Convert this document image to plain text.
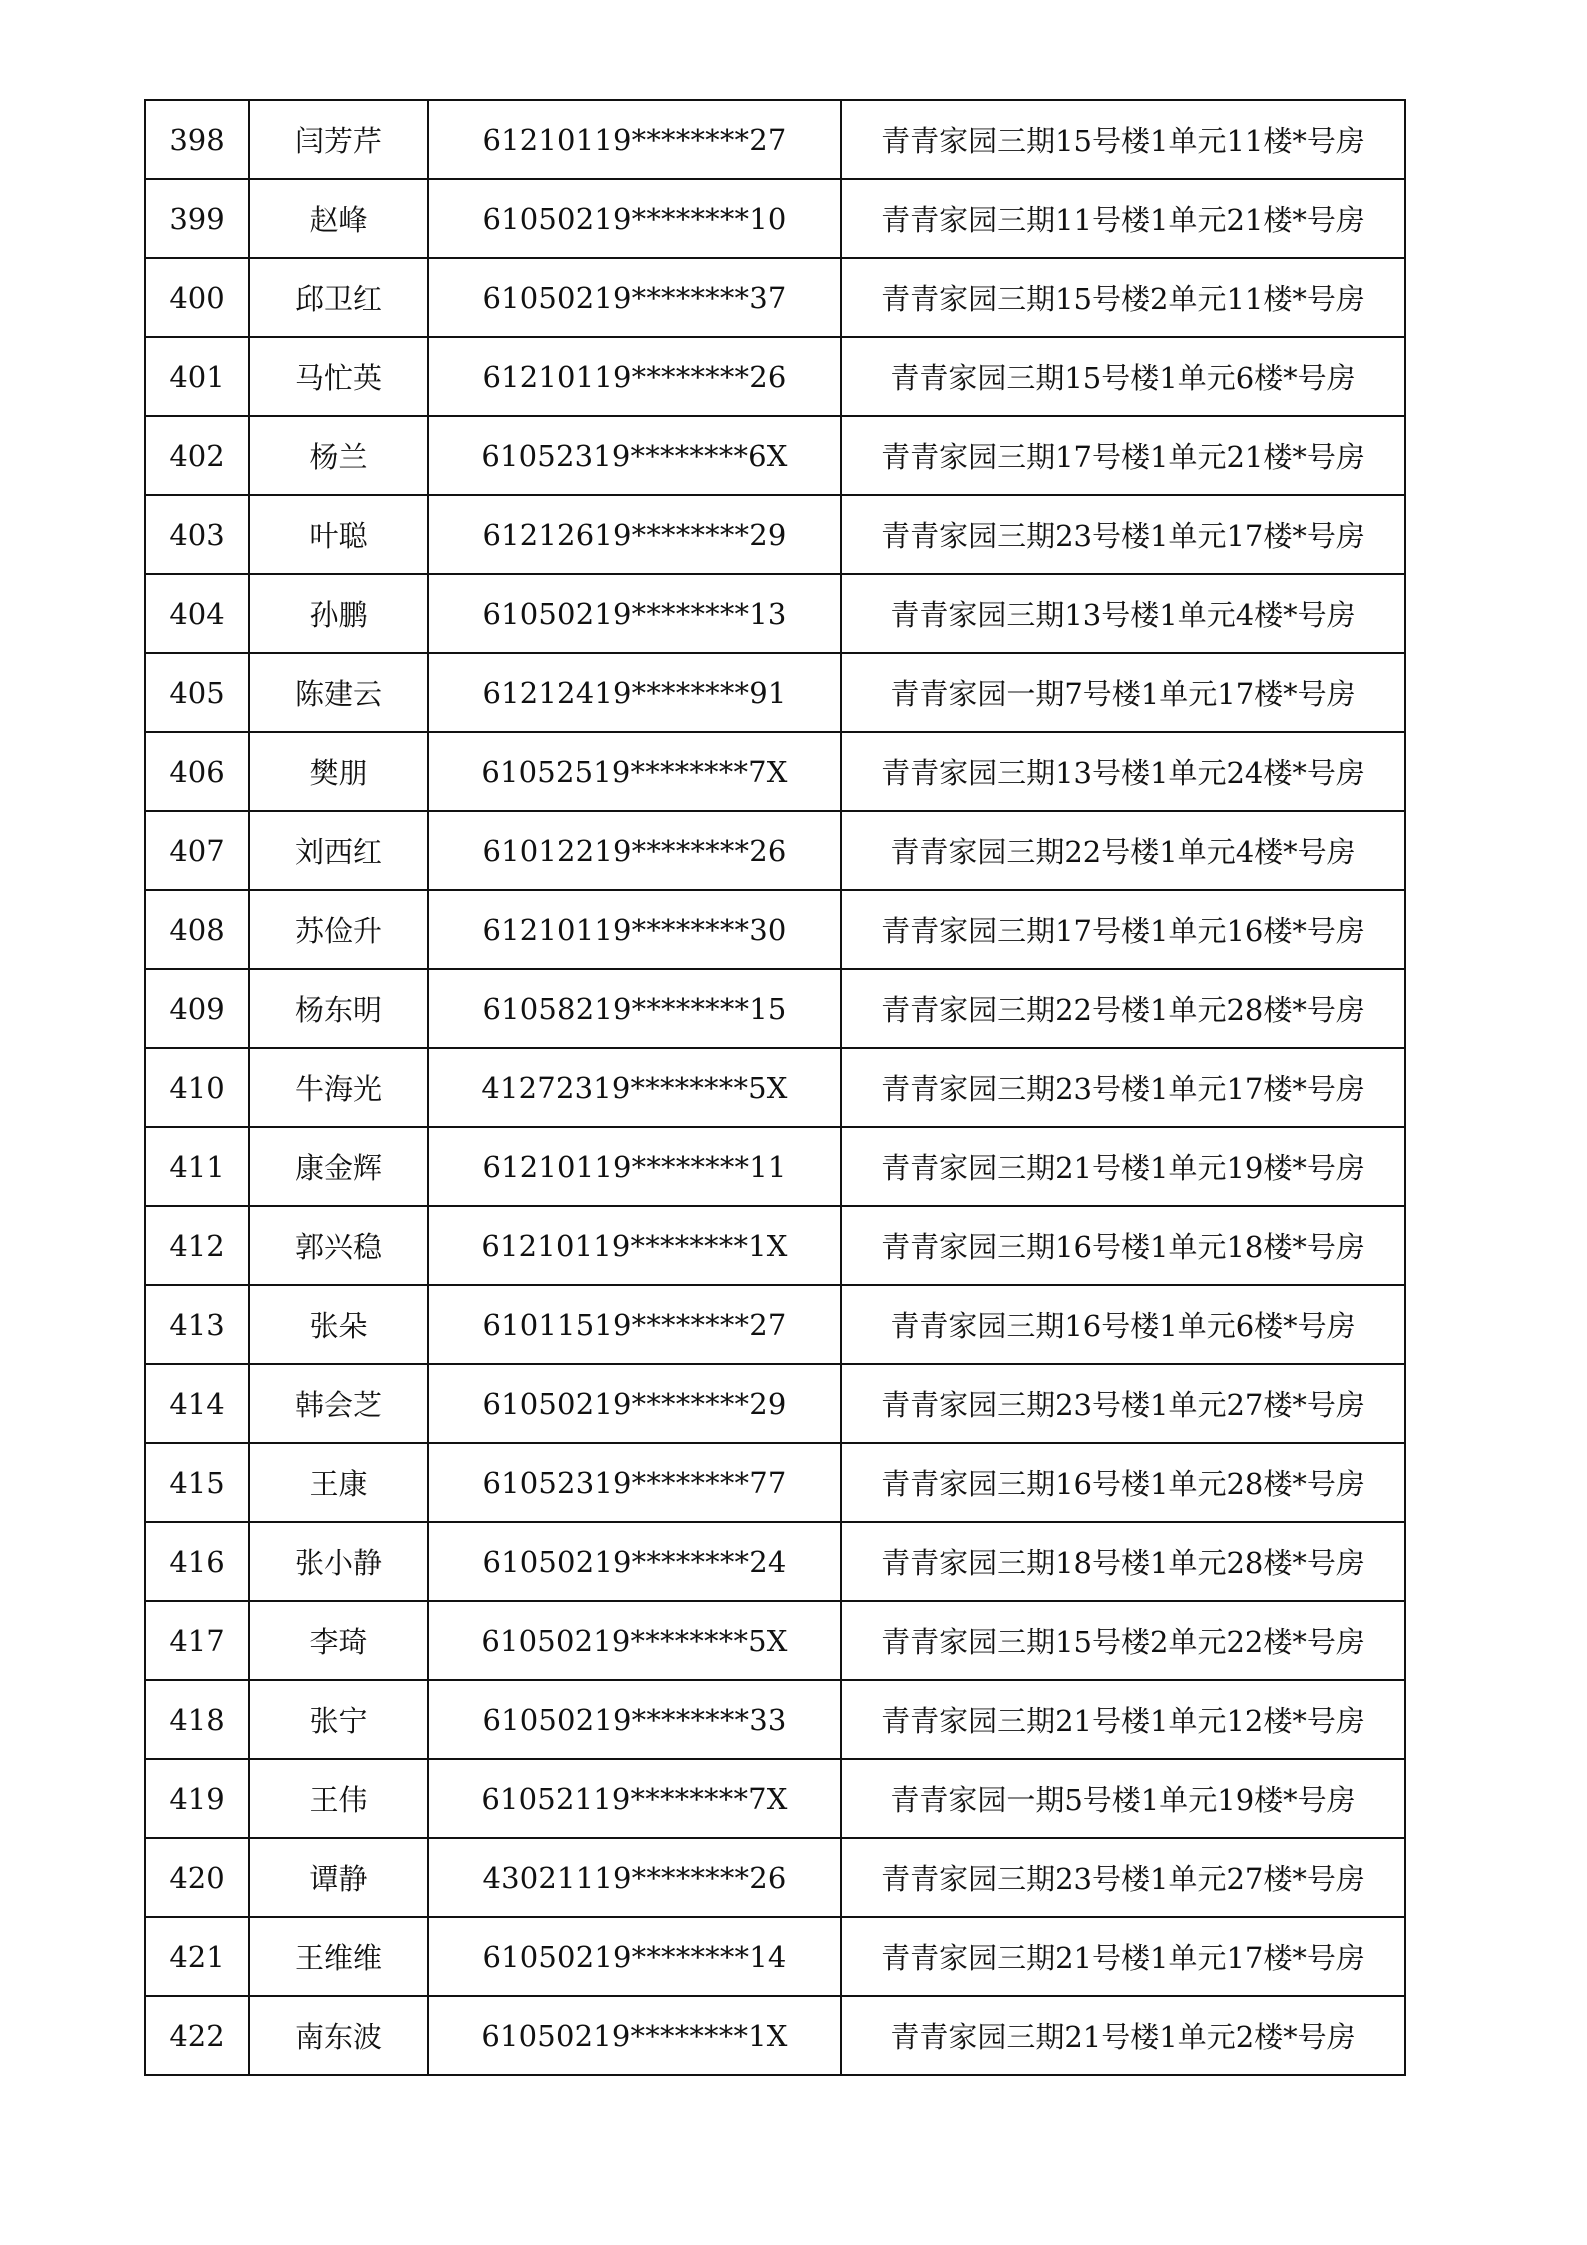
398	闫芳芹	61210119********27	青青家园三期15号楼1单元11楼*号房
399	赵峰	61050219********10	青青家园三期11号楼1单元21楼*号房
400	邱卫红	61050219********37	青青家园三期15号楼2单元11楼*号房
401	马忙英	61210119********26	青青家园三期15号楼1单元6楼*号房
402	杨兰	61052319********6X	青青家园三期17号楼1单元21楼*号房
403	叶聪	61212619********29	青青家园三期23号楼1单元17楼*号房
404	孙鹏	61050219********13	青青家园三期13号楼1单元4楼*号房
405	陈建云	61212419********91	青青家园一期7号楼1单元17楼*号房
406	樊朋	61052519********7X	青青家园三期13号楼1单元24楼*号房
407	刘西红	61012219********26	青青家园三期22号楼1单元4楼*号房
408	苏俭升	61210119********30	青青家园三期17号楼1单元16楼*号房
409	杨东明	61058219********15	青青家园三期22号楼1单元28楼*号房
410	牛海光	41272319********5X	青青家园三期23号楼1单元17楼*号房
411	康金辉	61210119********11	青青家园三期21号楼1单元19楼*号房
412	郭兴稳	61210119********1X	青青家园三期16号楼1单元18楼*号房
413	张朵	61011519********27	青青家园三期16号楼1单元6楼*号房
414	韩会芝	61050219********29	青青家园三期23号楼1单元27楼*号房
415	王康	61052319********77	青青家园三期16号楼1单元28楼*号房
416	张小静	61050219********24	青青家园三期18号楼1单元28楼*号房
417	李琦	61050219********5X	青青家园三期15号楼2单元22楼*号房
418	张宁	61050219********33	青青家园三期21号楼1单元12楼*号房
419	王伟	61052119********7X	青青家园一期5号楼1单元19楼*号房
420	谭静	43021119********26	青青家园三期23号楼1单元27楼*号房
421	王维维	61050219********14	青青家园三期21号楼1单元17楼*号房
422	南东波	61050219********1X	青青家园三期21号楼1单元2楼*号房
